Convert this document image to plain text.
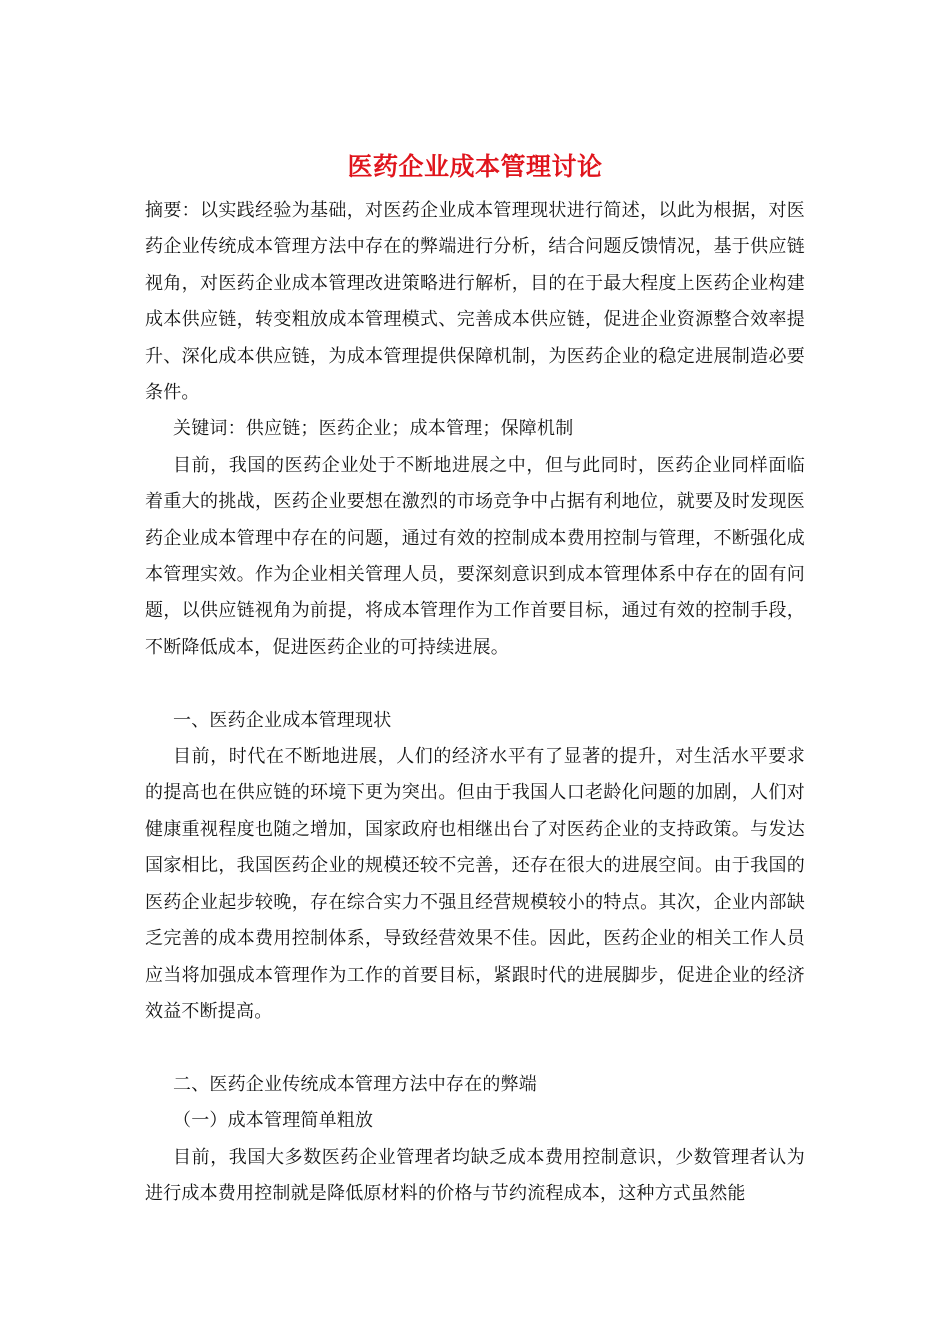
医药企业成本管理讨论

摘要：以实践经验为基础，对医药企业成本管理现状进行简述，以此为根据，对医药企业传统成本管理方法中存在的弊端进行分析，结合问题反馈情况，基于供应链视角，对医药企业成本管理改进策略进行解析，目的在于最大程度上医药企业构建成本供应链，转变粗放成本管理模式、完善成本供应链，促进企业资源整合效率提升、深化成本供应链，为成本管理提供保障机制，为医药企业的稳定进展制造必要条件。

关键词：供应链；医药企业；成本管理；保障机制

目前，我国的医药企业处于不断地进展之中，但与此同时，医药企业同样面临着重大的挑战，医药企业要想在激烈的市场竞争中占据有利地位，就要及时发现医药企业成本管理中存在的问题，通过有效的控制成本费用控制与管理，不断强化成本管理实效。作为企业相关管理人员，要深刻意识到成本管理体系中存在的固有问题，以供应链视角为前提，将成本管理作为工作首要目标，通过有效的控制手段，不断降低成本，促进医药企业的可持续进展。

一、医药企业成本管理现状

目前，时代在不断地进展，人们的经济水平有了显著的提升，对生活水平要求的提高也在供应链的环境下更为突出。但由于我国人口老龄化问题的加剧，人们对健康重视程度也随之增加，国家政府也相继出台了对医药企业的支持政策。与发达国家相比，我国医药企业的规模还较不完善，还存在很大的进展空间。由于我国的医药企业起步较晚，存在综合实力不强且经营规模较小的特点。其次，企业内部缺乏完善的成本费用控制体系，导致经营效果不佳。因此，医药企业的相关工作人员应当将加强成本管理作为工作的首要目标，紧跟时代的进展脚步，促进企业的经济效益不断提高。

二、医药企业传统成本管理方法中存在的弊端

（一）成本管理简单粗放

目前，我国大多数医药企业管理者均缺乏成本费用控制意识，少数管理者认为进行成本费用控制就是降低原材料的价格与节约流程成本，这种方式虽然能
